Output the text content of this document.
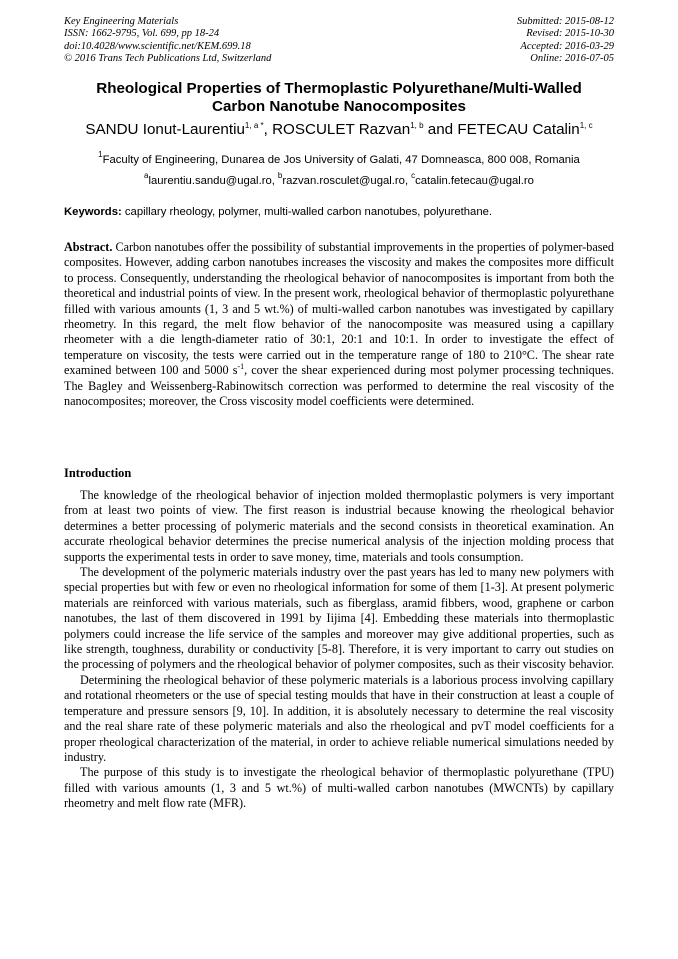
Key Engineering Materials
ISSN: 1662-9795, Vol. 699, pp 18-24
doi:10.4028/www.scientific.net/KEM.699.18
© 2016 Trans Tech Publications Ltd, Switzerland
Submitted: 2015-08-12
Revised: 2015-10-30
Accepted: 2016-03-29
Online: 2016-07-05
Rheological Properties of Thermoplastic Polyurethane/Multi-Walled
Carbon Nanotube Nanocomposites
SANDU Ionut-Laurentiu$^{1, a *}$, ROSCULET Razvan$^{1, b}$ and FETECAU Catalin$^{1, c}$
$^1$Faculty of Engineering, Dunarea de Jos University of Galati, 47 Domneasca, 800 008, Romania
$^a$laurentiu.sandu@ugal.ro, $^b$razvan.rosculet@ugal.ro, $^c$catalin.fetecau@ugal.ro
Keywords: capillary rheology, polymer, multi-walled carbon nanotubes, polyurethane.
Abstract. Carbon nanotubes offer the possibility of substantial improvements in the properties of polymer-based composites. However, adding carbon nanotubes increases the viscosity and makes the composites more difficult to process. Consequently, understanding the rheological behavior of nanocomposites is important from both the theoretical and industrial points of view. In the present work, rheological behavior of thermoplastic polyurethane filled with various amounts (1, 3 and 5 wt.%) of multi-walled carbon nanotubes was investigated by capillary rheometry. In this regard, the melt flow behavior of the nanocomposite was measured using a capillary rheometer with a die length-diameter ratio of 30:1, 20:1 and 10:1. In order to investigate the effect of temperature on viscosity, the tests were carried out in the temperature range of 180 to 210°C. The shear rate examined between 100 and 5000 $s^{-1}$, cover the shear experienced during most polymer processing techniques. The Bagley and Weissenberg-Rabinowitsch correction was performed to determine the real viscosity of the nanocomposites; moreover, the Cross viscosity model coefficients were determined.
Introduction

The knowledge of the rheological behavior of injection molded thermoplastic polymers is very important from at least two points of view. The first reason is industrial because knowing the rheological behavior determines a better processing of polymeric materials and the second consists in theoretical examination. An accurate rheological behavior determines the precise numerical analysis of the injection molding process that supports the experimental tests in order to save money, time, materials and tools consumption.

The development of the polymeric materials industry over the past years has led to many new polymers with special properties but with few or even no rheological information for some of them [1-3]. At present polymeric materials are reinforced with various materials, such as fiberglass, aramid fibbers, wood, graphene or carbon nanotubes, the last of them discovered in 1991 by Iijima [4]. Embedding these materials into thermoplastic polymers could increase the life service of the samples and moreover may give additional properties, such as like strength, toughness, durability or conductivity [5-8]. Therefore, it is very important to carry out studies on the processing of polymers and the rheological behavior of polymer composites, such as their viscosity behavior.

Determining the rheological behavior of these polymeric materials is a laborious process involving capillary and rotational rheometers or the use of special testing moulds that have in their construction at least a couple of temperature and pressure sensors [9, 10]. In addition, it is absolutely necessary to determine the real viscosity and the real share rate of these polymeric materials and also the rheological and pvT model coefficients for a proper rheological characterization of the material, in order to achieve reliable numerical simulations needed by industry.

The purpose of this study is to investigate the rheological behavior of thermoplastic polyurethane (TPU) filled with various amounts (1, 3 and 5 wt.%) of multi-walled carbon nanotubes (MWCNTs) by capillary rheometry and melt flow rate (MFR).
